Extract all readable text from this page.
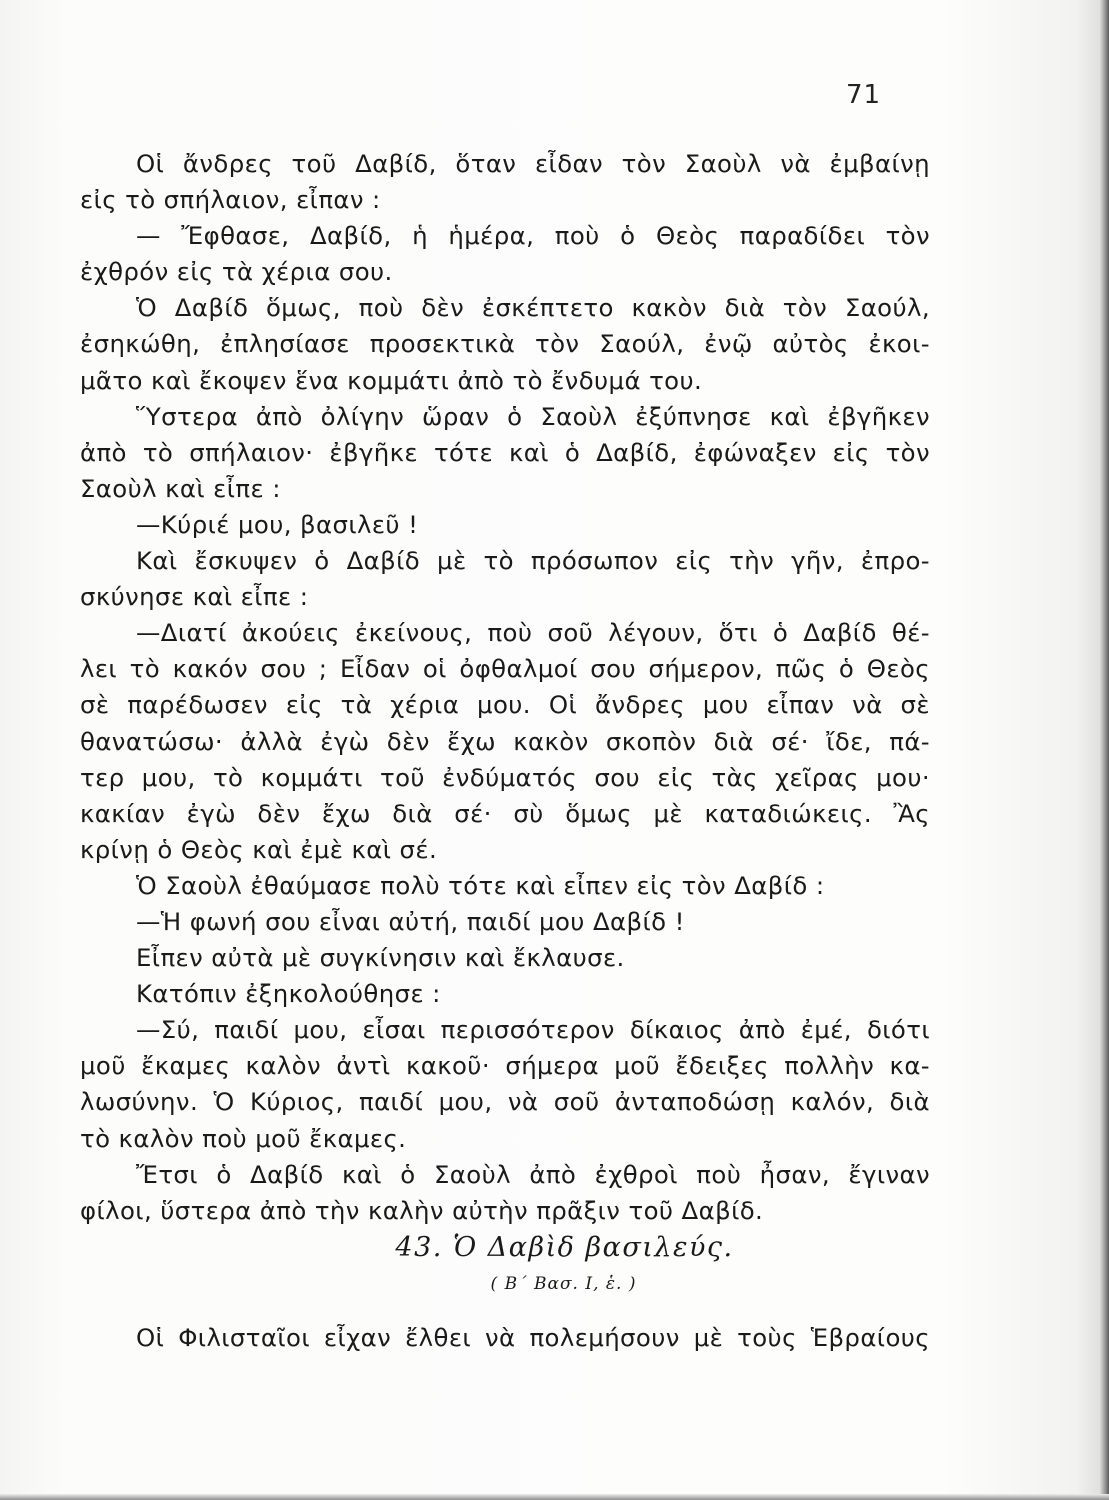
71
Οἱ ἄνδρες τοῦ Δαβίδ, ὅταν εἶδαν τὸν Σαοὺλ νὰ ἐμβαίνῃ
εἰς τὸ σπήλαιον, εἶπαν :
— Ἔφθασε, Δαβίδ, ἡ ἡμέρα, ποὺ ὁ Θεὸς παραδίδει τὸν
ἐχθρόν εἰς τὰ χέρια σου.
Ὁ Δαβίδ ὅμως, ποὺ δὲν ἐσκέπτετο κακὸν διὰ τὸν Σαούλ,
ἐσηκώθη, ἐπλησίασε προσεκτικὰ τὸν Σαούλ, ἐνῷ αὐτὸς ἐκοι-
μᾶτο καὶ ἔκοψεν ἕνα κομμάτι ἀπὸ τὸ ἔνδυμά του.
Ὕστερα ἀπὸ ὀλίγην ὥραν ὁ Σαοὺλ ἐξύπνησε καὶ ἐβγῆκεν
ἀπὸ τὸ σπήλαιον· ἐβγῆκε τότε καὶ ὁ Δαβίδ, ἐφώναξεν εἰς τὸν
Σαοὺλ καὶ εἶπε :
—Κύριέ μου, βασιλεῦ !
Καὶ ἔσκυψεν ὁ Δαβίδ μὲ τὸ πρόσωπον εἰς τὴν γῆν, ἐπρο-
σκύνησε καὶ εἶπε :
—Διατί ἀκούεις ἐκείνους, ποὺ σοῦ λέγουν, ὅτι ὁ Δαβίδ θέ-
λει τὸ κακόν σου ; Εἶδαν οἱ ὀφθαλμοί σου σήμερον, πῶς ὁ Θεὸς
σὲ παρέδωσεν εἰς τὰ χέρια μου. Οἱ ἄνδρες μου εἶπαν νὰ σὲ
θανατώσω· ἀλλὰ ἐγὼ δὲν ἔχω κακὸν σκοπὸν διὰ σέ· ἴδε, πά-
τερ μου, τὸ κομμάτι τοῦ ἐνδύματός σου εἰς τὰς χεῖρας μου·
κακίαν ἐγὼ δὲν ἔχω διὰ σέ· σὺ ὅμως μὲ καταδιώκεις. Ἂς
κρίνῃ ὁ Θεὸς καὶ ἐμὲ καὶ σέ.
Ὁ Σαοὺλ ἐθαύμασε πολὺ τότε καὶ εἶπεν εἰς τὸν Δαβίδ :
—Ἡ φωνή σου εἶναι αὐτή, παιδί μου Δαβίδ !
Εἶπεν αὐτὰ μὲ συγκίνησιν καὶ ἔκλαυσε.
Κατόπιν ἐξηκολούθησε :
—Σύ, παιδί μου, εἶσαι περισσότερον δίκαιος ἀπὸ ἐμέ, διότι
μοῦ ἔκαμες καλὸν ἀντὶ κακοῦ· σήμερα μοῦ ἔδειξες πολλὴν κα-
λωσύνην. Ὁ Κύριος, παιδί μου, νὰ σοῦ ἀνταποδώσῃ καλόν, διὰ
τὸ καλὸν ποὺ μοῦ ἔκαμες.
Ἔτσι ὁ Δαβίδ καὶ ὁ Σαοὺλ ἀπὸ ἐχθροὶ ποὺ ἦσαν, ἔγιναν
φίλοι, ὕστερα ἀπὸ τὴν καλὴν αὐτὴν πρᾶξιν τοῦ Δαβίδ.
43. Ὁ Δαβὶδ βασιλεύς.
( Β΄ Βασ. Ι, ἑ. )
Οἱ Φιλισταῖοι εἶχαν ἔλθει νὰ πολεμήσουν μὲ τοὺς Ἑβραίους
